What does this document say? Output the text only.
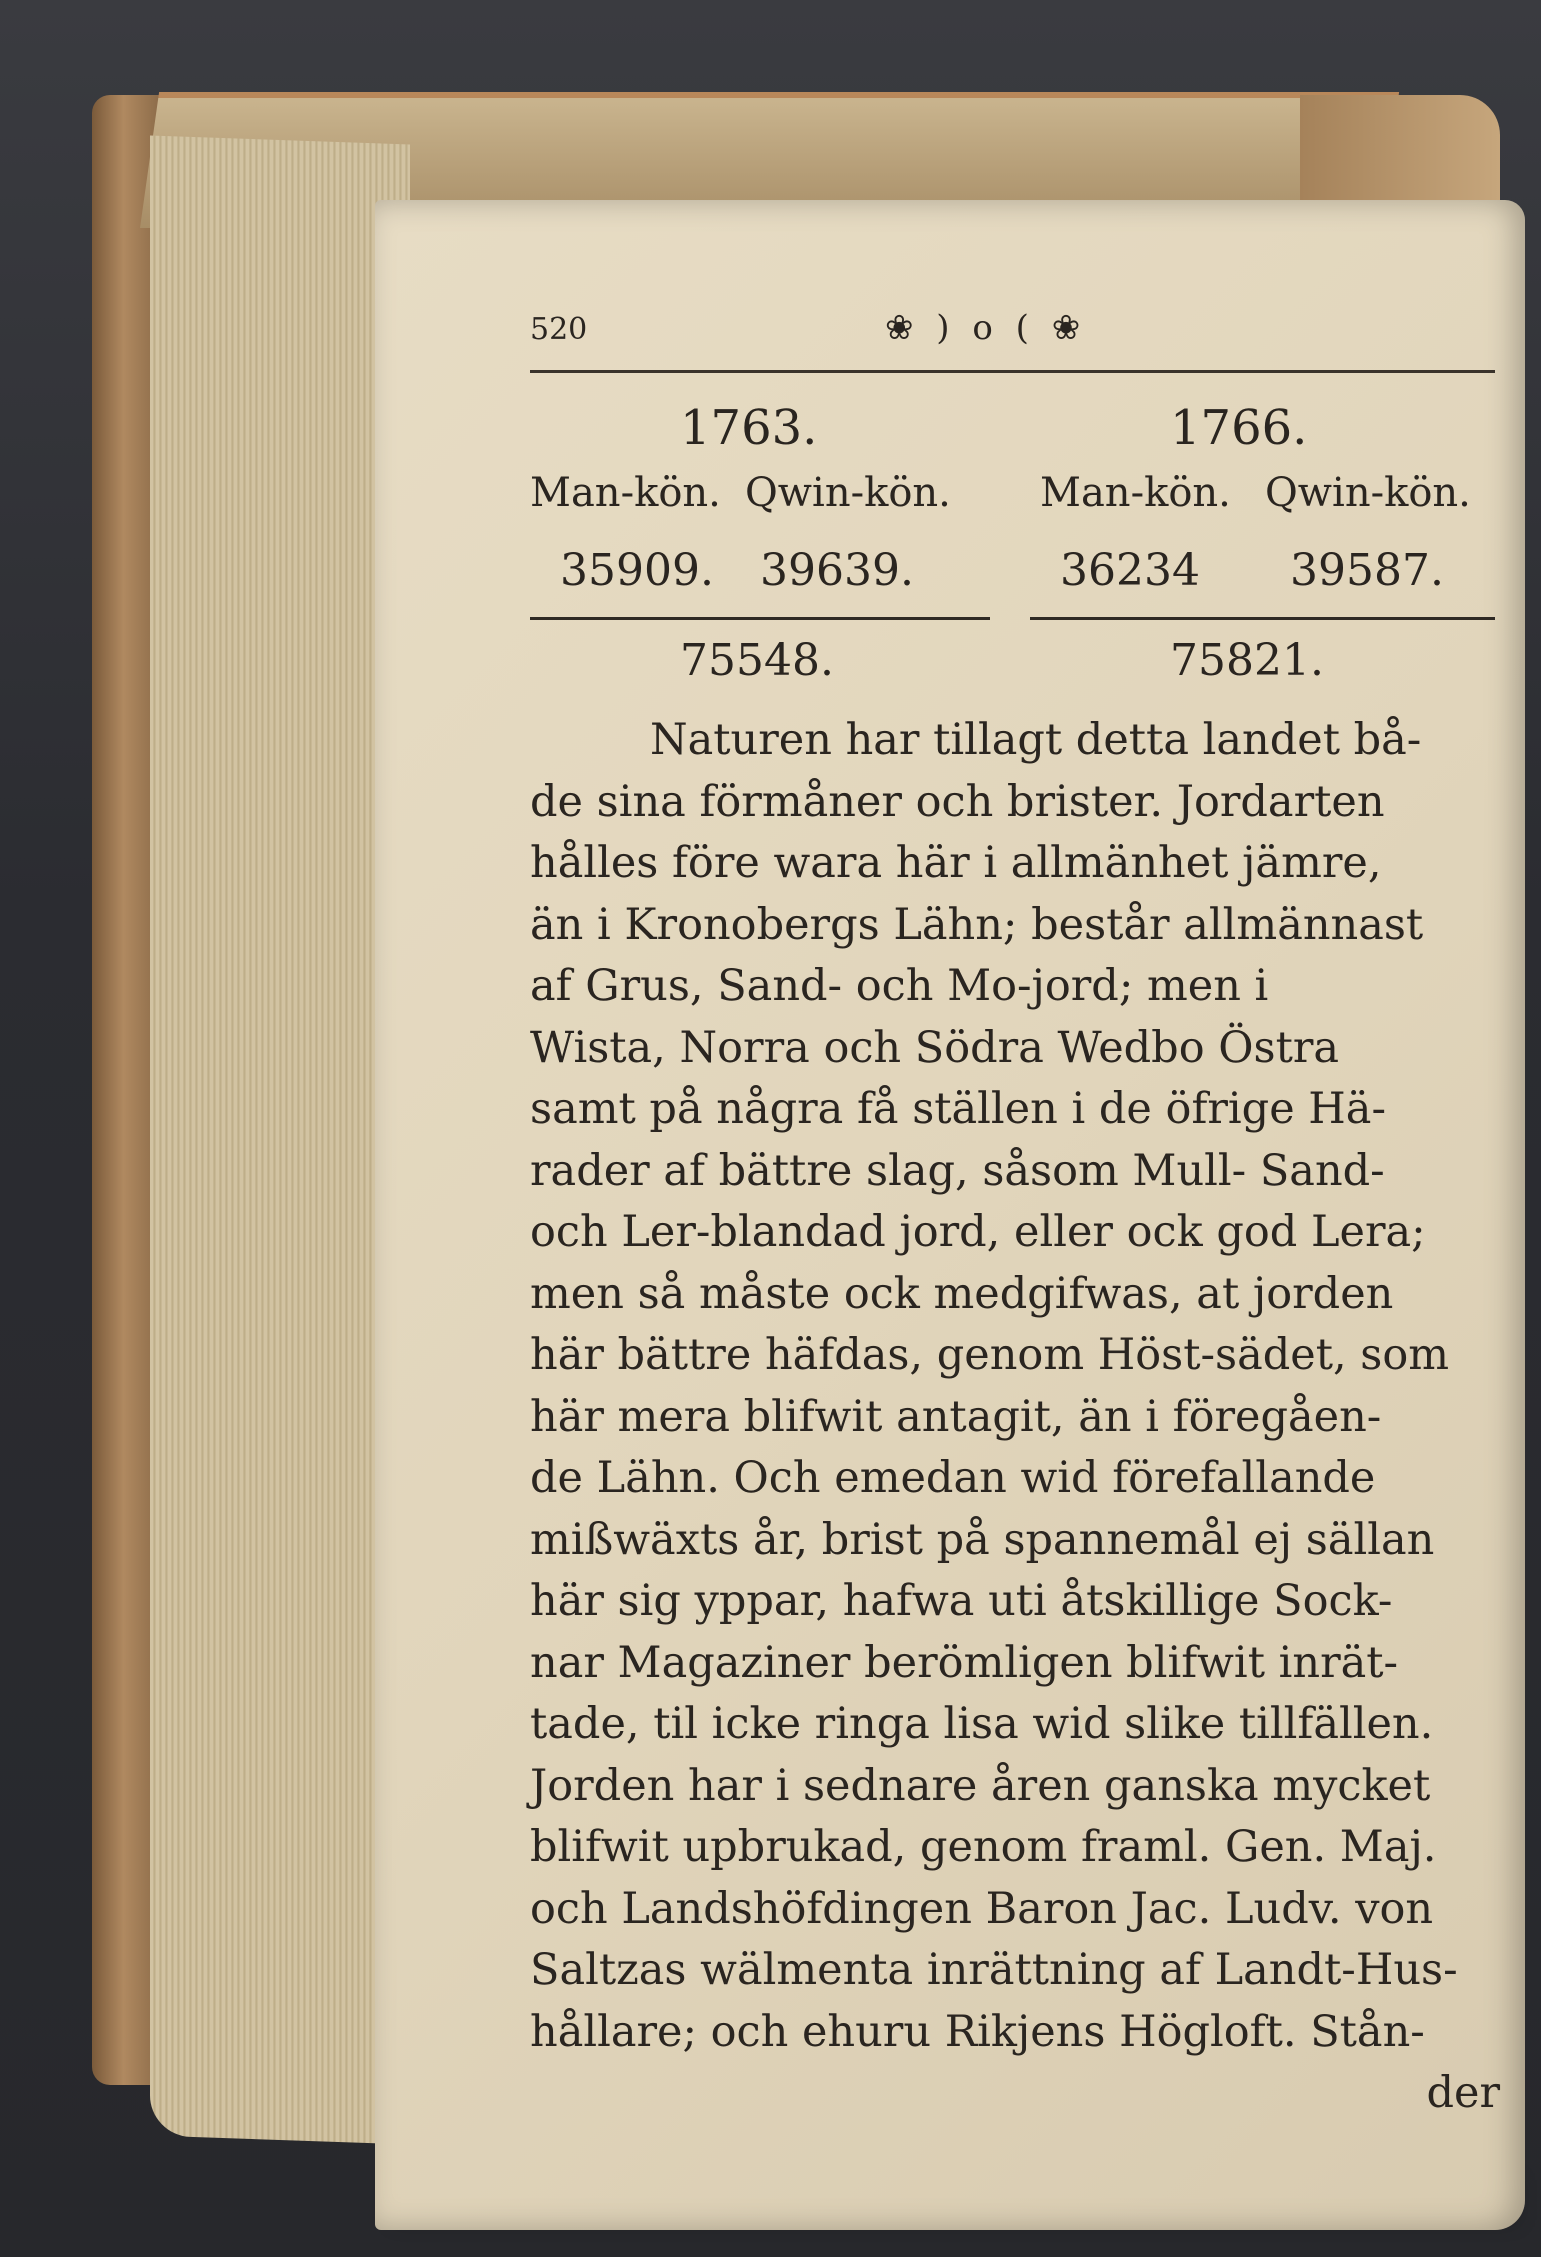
520	❀ ) o ( ❀
1763.	1766.
Man-kön. Qwin-kön. Man-kön. Qwin-kön.
35909. 39639.	36234 39587.
75548.	75821.
Naturen har tillagt detta landet bå-
de sina förmåner och brister. Jordarten
hålles före wara här i allmänhet jämre,
än i Kronobergs Lähn; består allmännast
af Grus, Sand- och Mo-jord; men i
Wista, Norra och Södra Wedbo Östra
samt på några få ställen i de öfrige Hä-
rader af bättre slag, såsom Mull- Sand-
och Ler-blandad jord, eller ock god Lera;
men så måste ock medgifwas, at jorden
här bättre häfdas, genom Höst-sädet, som
här mera blifwit antagit, än i föregåen-
de Lähn. Och emedan wid förefallande
mißwäxts år, brist på spannemål ej sällan
här sig yppar, hafwa uti åtskillige Sock-
nar Magaziner berömligen blifwit inrät-
tade, til icke ringa lisa wid slike tillfällen.
Jorden har i sednare åren ganska mycket
blifwit upbrukad, genom framl. Gen. Maj.
och Landshöfdingen Baron Jac. Ludv. von
Saltzas wälmenta inrättning af Landt-Hus-
hållare; och ehuru Rikjens Högloft. Stån-
der
